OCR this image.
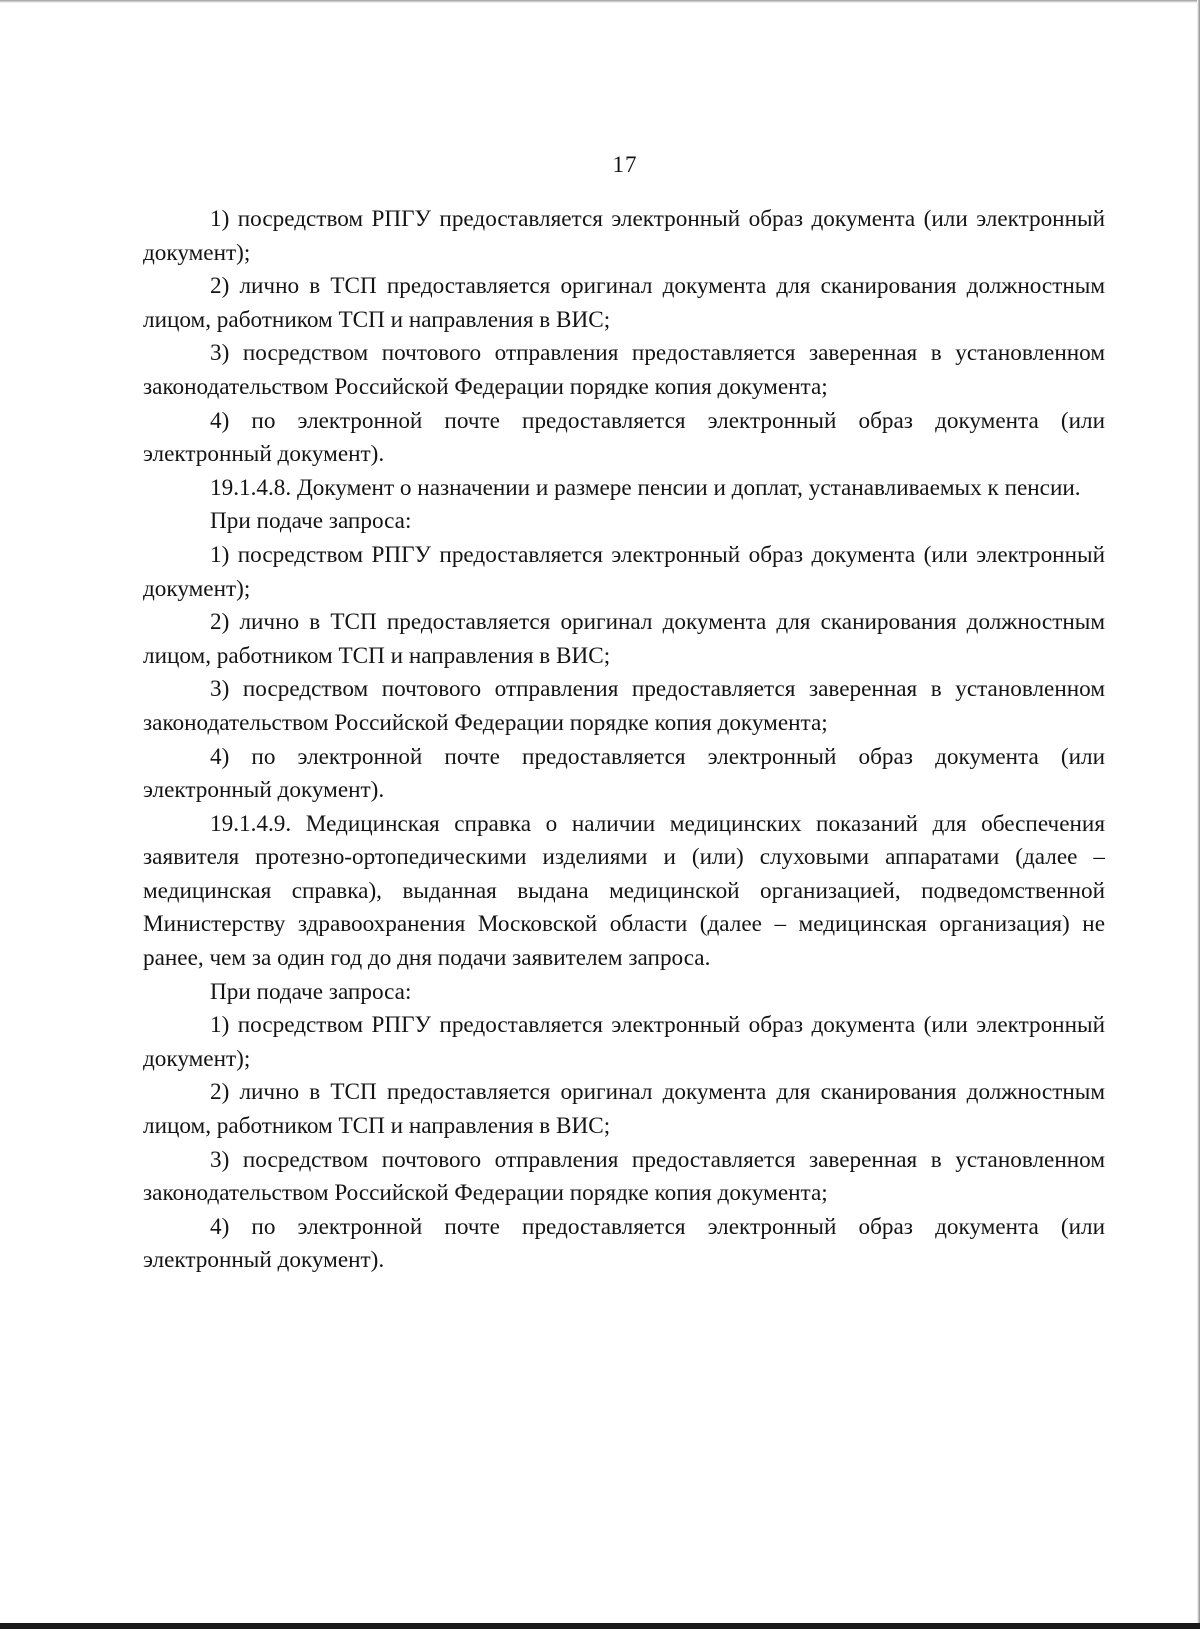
17

1) посредством РПГУ предоставляется электронный образ документа (или электронный документ);

2) лично в ТСП предоставляется оригинал документа для сканирования должностным лицом, работником ТСП и направления в ВИС;

3) посредством почтового отправления предоставляется заверенная в установленном законодательством Российской Федерации порядке копия документа;

4) по электронной почте предоставляется электронный образ документа (или электронный документ).

19.1.4.8. Документ о назначении и размере пенсии и доплат, устанавливаемых к пенсии.

При подаче запроса:

1) посредством РПГУ предоставляется электронный образ документа (или электронный документ);

2) лично в ТСП предоставляется оригинал документа для сканирования должностным лицом, работником ТСП и направления в ВИС;

3) посредством почтового отправления предоставляется заверенная в установленном законодательством Российской Федерации порядке копия документа;

4) по электронной почте предоставляется электронный образ документа (или электронный документ).

19.1.4.9. Медицинская справка о наличии медицинских показаний для обеспечения заявителя протезно-ортопедическими изделиями и (или) слуховыми аппаратами (далее – медицинская справка), выданная выдана медицинской организацией, подведомственной Министерству здравоохранения Московской области (далее – медицинская организация) не ранее, чем за один год до дня подачи заявителем запроса.

При подаче запроса:

1) посредством РПГУ предоставляется электронный образ документа (или электронный документ);

2) лично в ТСП предоставляется оригинал документа для сканирования должностным лицом, работником ТСП и направления в ВИС;

3) посредством почтового отправления предоставляется заверенная в установленном законодательством Российской Федерации порядке копия документа;

4) по электронной почте предоставляется электронный образ документа (или электронный документ).
